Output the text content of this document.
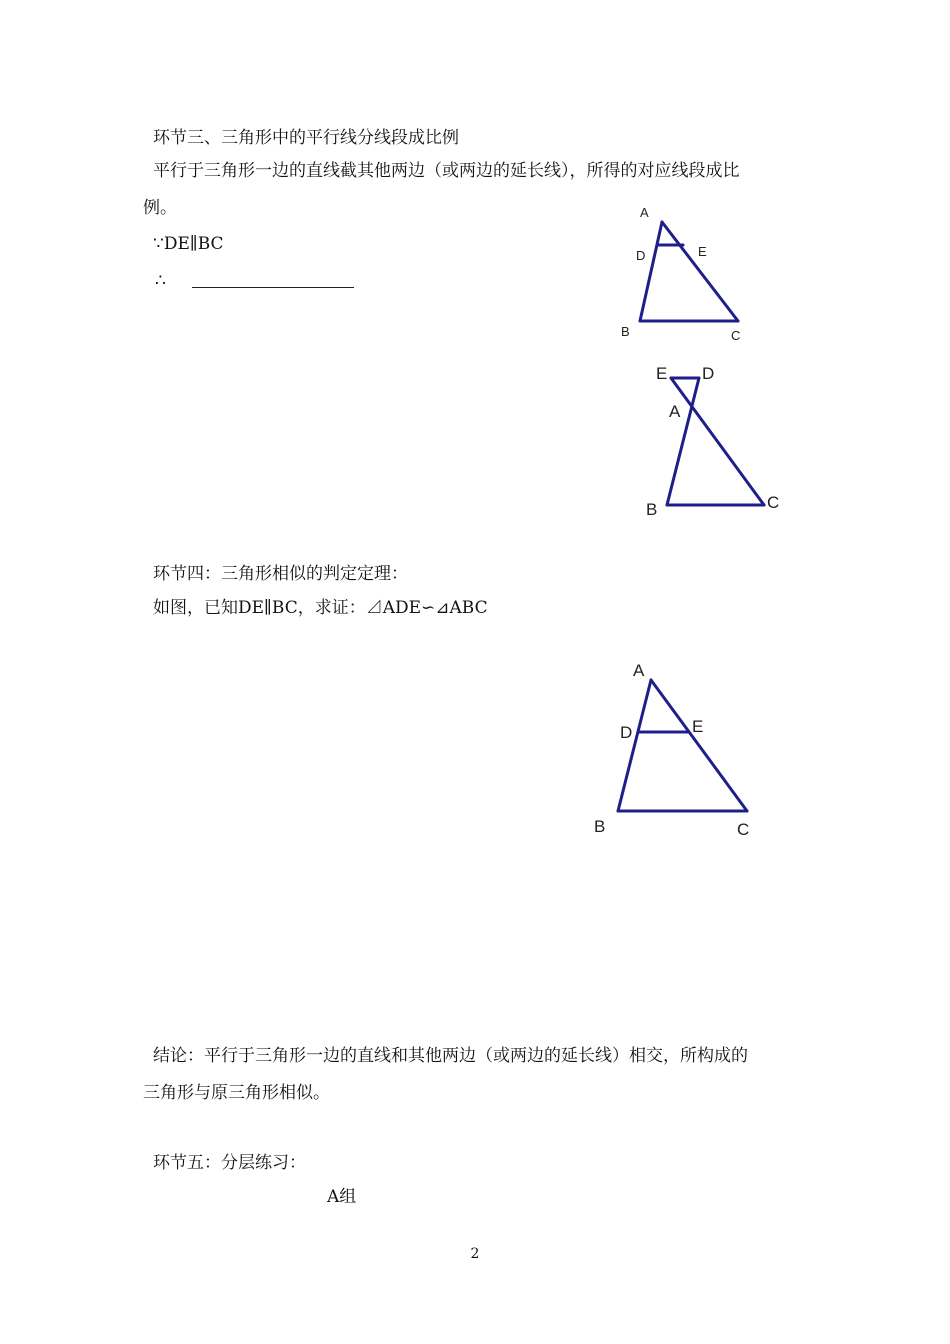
环节三、三角形中的平行线分线段成比例
平行于三角形一边的直线截其他两边（或两边的延长线），所得的对应线段成比
例。
∵DE∥BC
∴
A
D	E
B	C
E D
A
B	C
A
D	E
B	C
环节四：三角形相似的判定定理：
如图，已知DE∥BC，求证：⊿ADE∽⊿ABC
结论：平行于三角形一边的直线和其他两边（或两边的延长线）相交，所构成的
三角形与原三角形相似。
环节五：分层练习：
A组
2
